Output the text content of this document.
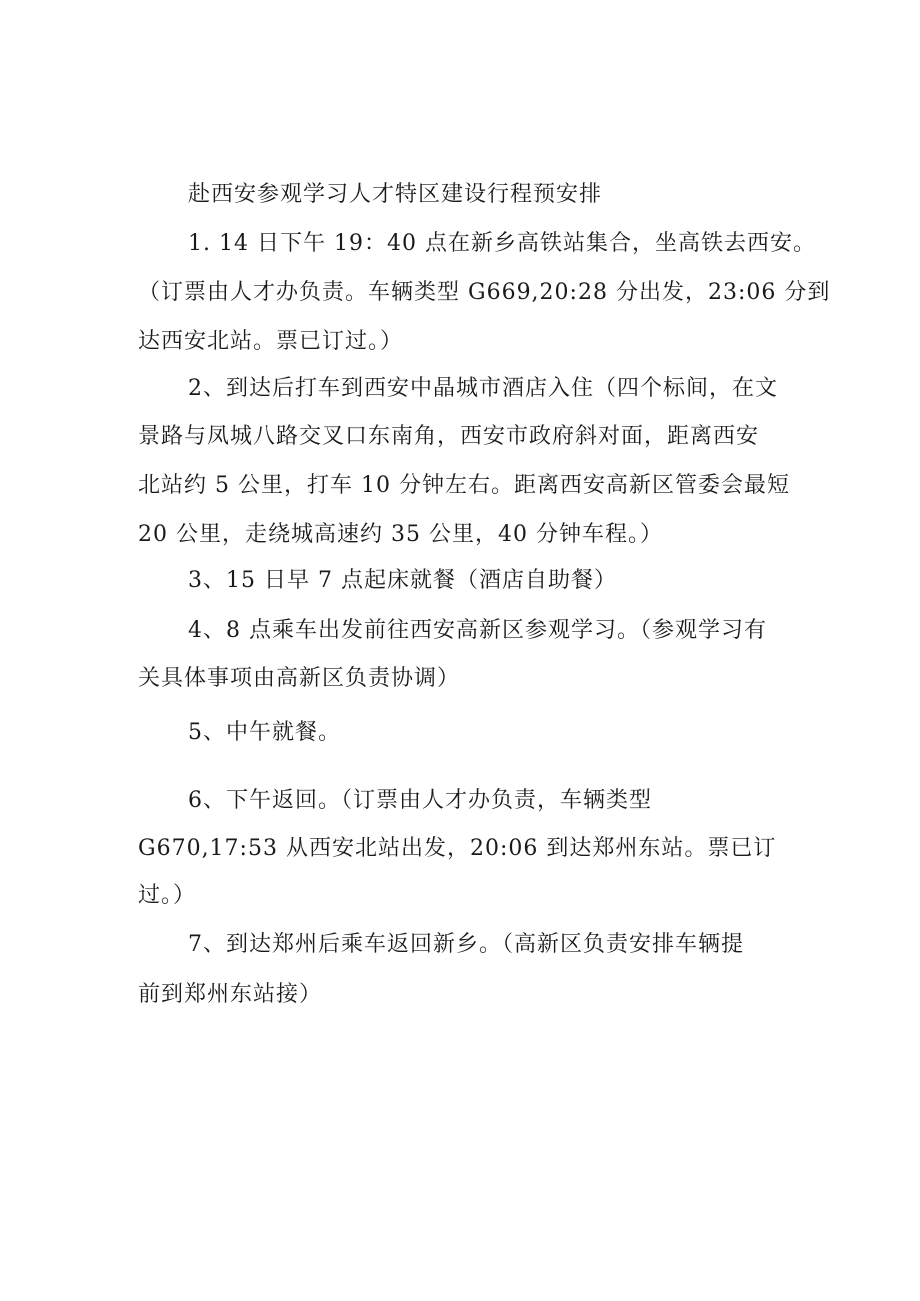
赴西安参观学习人才特区建设行程预安排
1. 14 日下午 19：40 点在新乡高铁站集合，坐高铁去西安。
（订票由人才办负责。车辆类型 G669,20:28 分出发，23:06 分到
达西安北站。票已订过。）
2、到达后打车到西安中晶城市酒店入住（四个标间，在文
景路与凤城八路交叉口东南角，西安市政府斜对面，距离西安
北站约 5 公里，打车 10 分钟左右。距离西安高新区管委会最短
20 公里，走绕城高速约 35 公里，40 分钟车程。）
3、15 日早 7 点起床就餐（酒店自助餐）
4、8 点乘车出发前往西安高新区参观学习。（参观学习有
关具体事项由高新区负责协调）
5、中午就餐。
6、下午返回。（订票由人才办负责，车辆类型
G670,17:53 从西安北站出发，20:06 到达郑州东站。票已订
过。）
7、到达郑州后乘车返回新乡。（高新区负责安排车辆提
前到郑州东站接）
